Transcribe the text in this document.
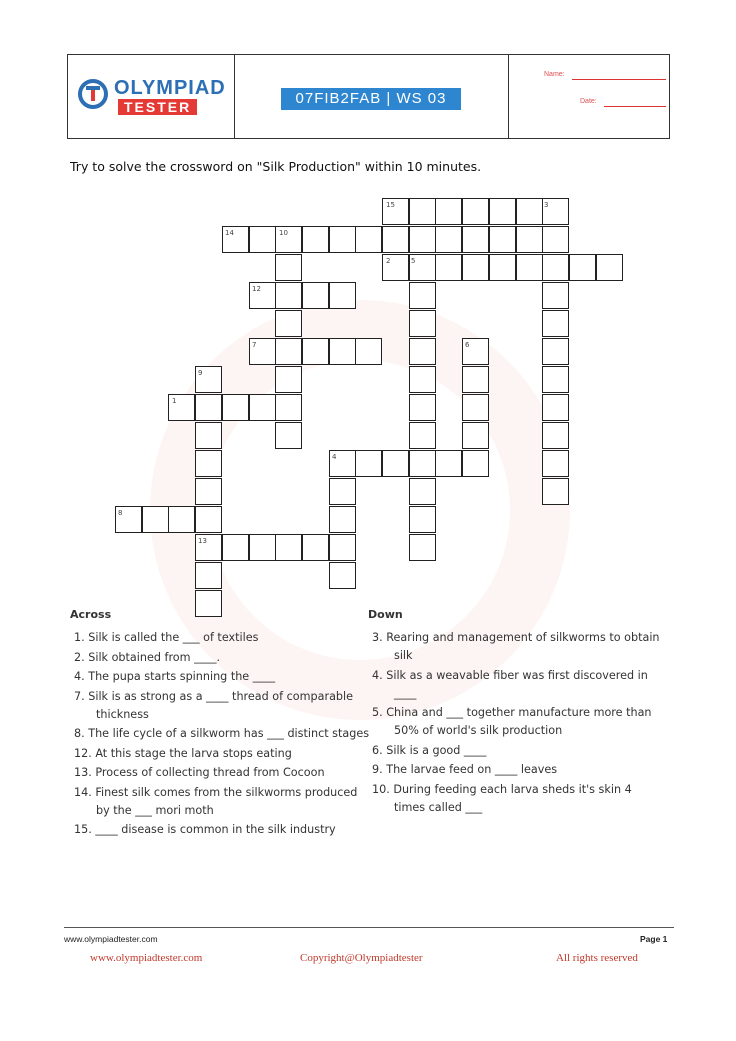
OLYMPIAD
TESTER	07FIB2FAB | WS 03
Name:
Date:
Try to solve the crossword on "Silk Production" within 10 minutes.
15	3
14	10
2	5
12
7	6
9
1
4
8
13
Across
1. Silk is called the ___ of textiles
2. Silk obtained from ____.
4. The pupa starts spinning the ____
7. Silk is as strong as a ____ thread of comparable thickness
8. The life cycle of a silkworm has ___ distinct stages
12. At this stage the larva stops eating
13. Process of collecting thread from Cocoon
14. Finest silk comes from the silkworms produced by the ___ mori moth
15. ____ disease is common in the silk industry
Down
3. Rearing and management of silkworms to obtain silk
4. Silk as a weavable fiber was first discovered in ____
5. China and ___ together manufacture more than 50% of world's silk production
6. Silk is a good ____
9. The larvae feed on ____ leaves
10. During feeding each larva sheds it's skin 4 times called ___
www.olympiadtester.com	Page 1
www.olympiadtester.com	Copyright@Olympiadtester	All rights reserved
